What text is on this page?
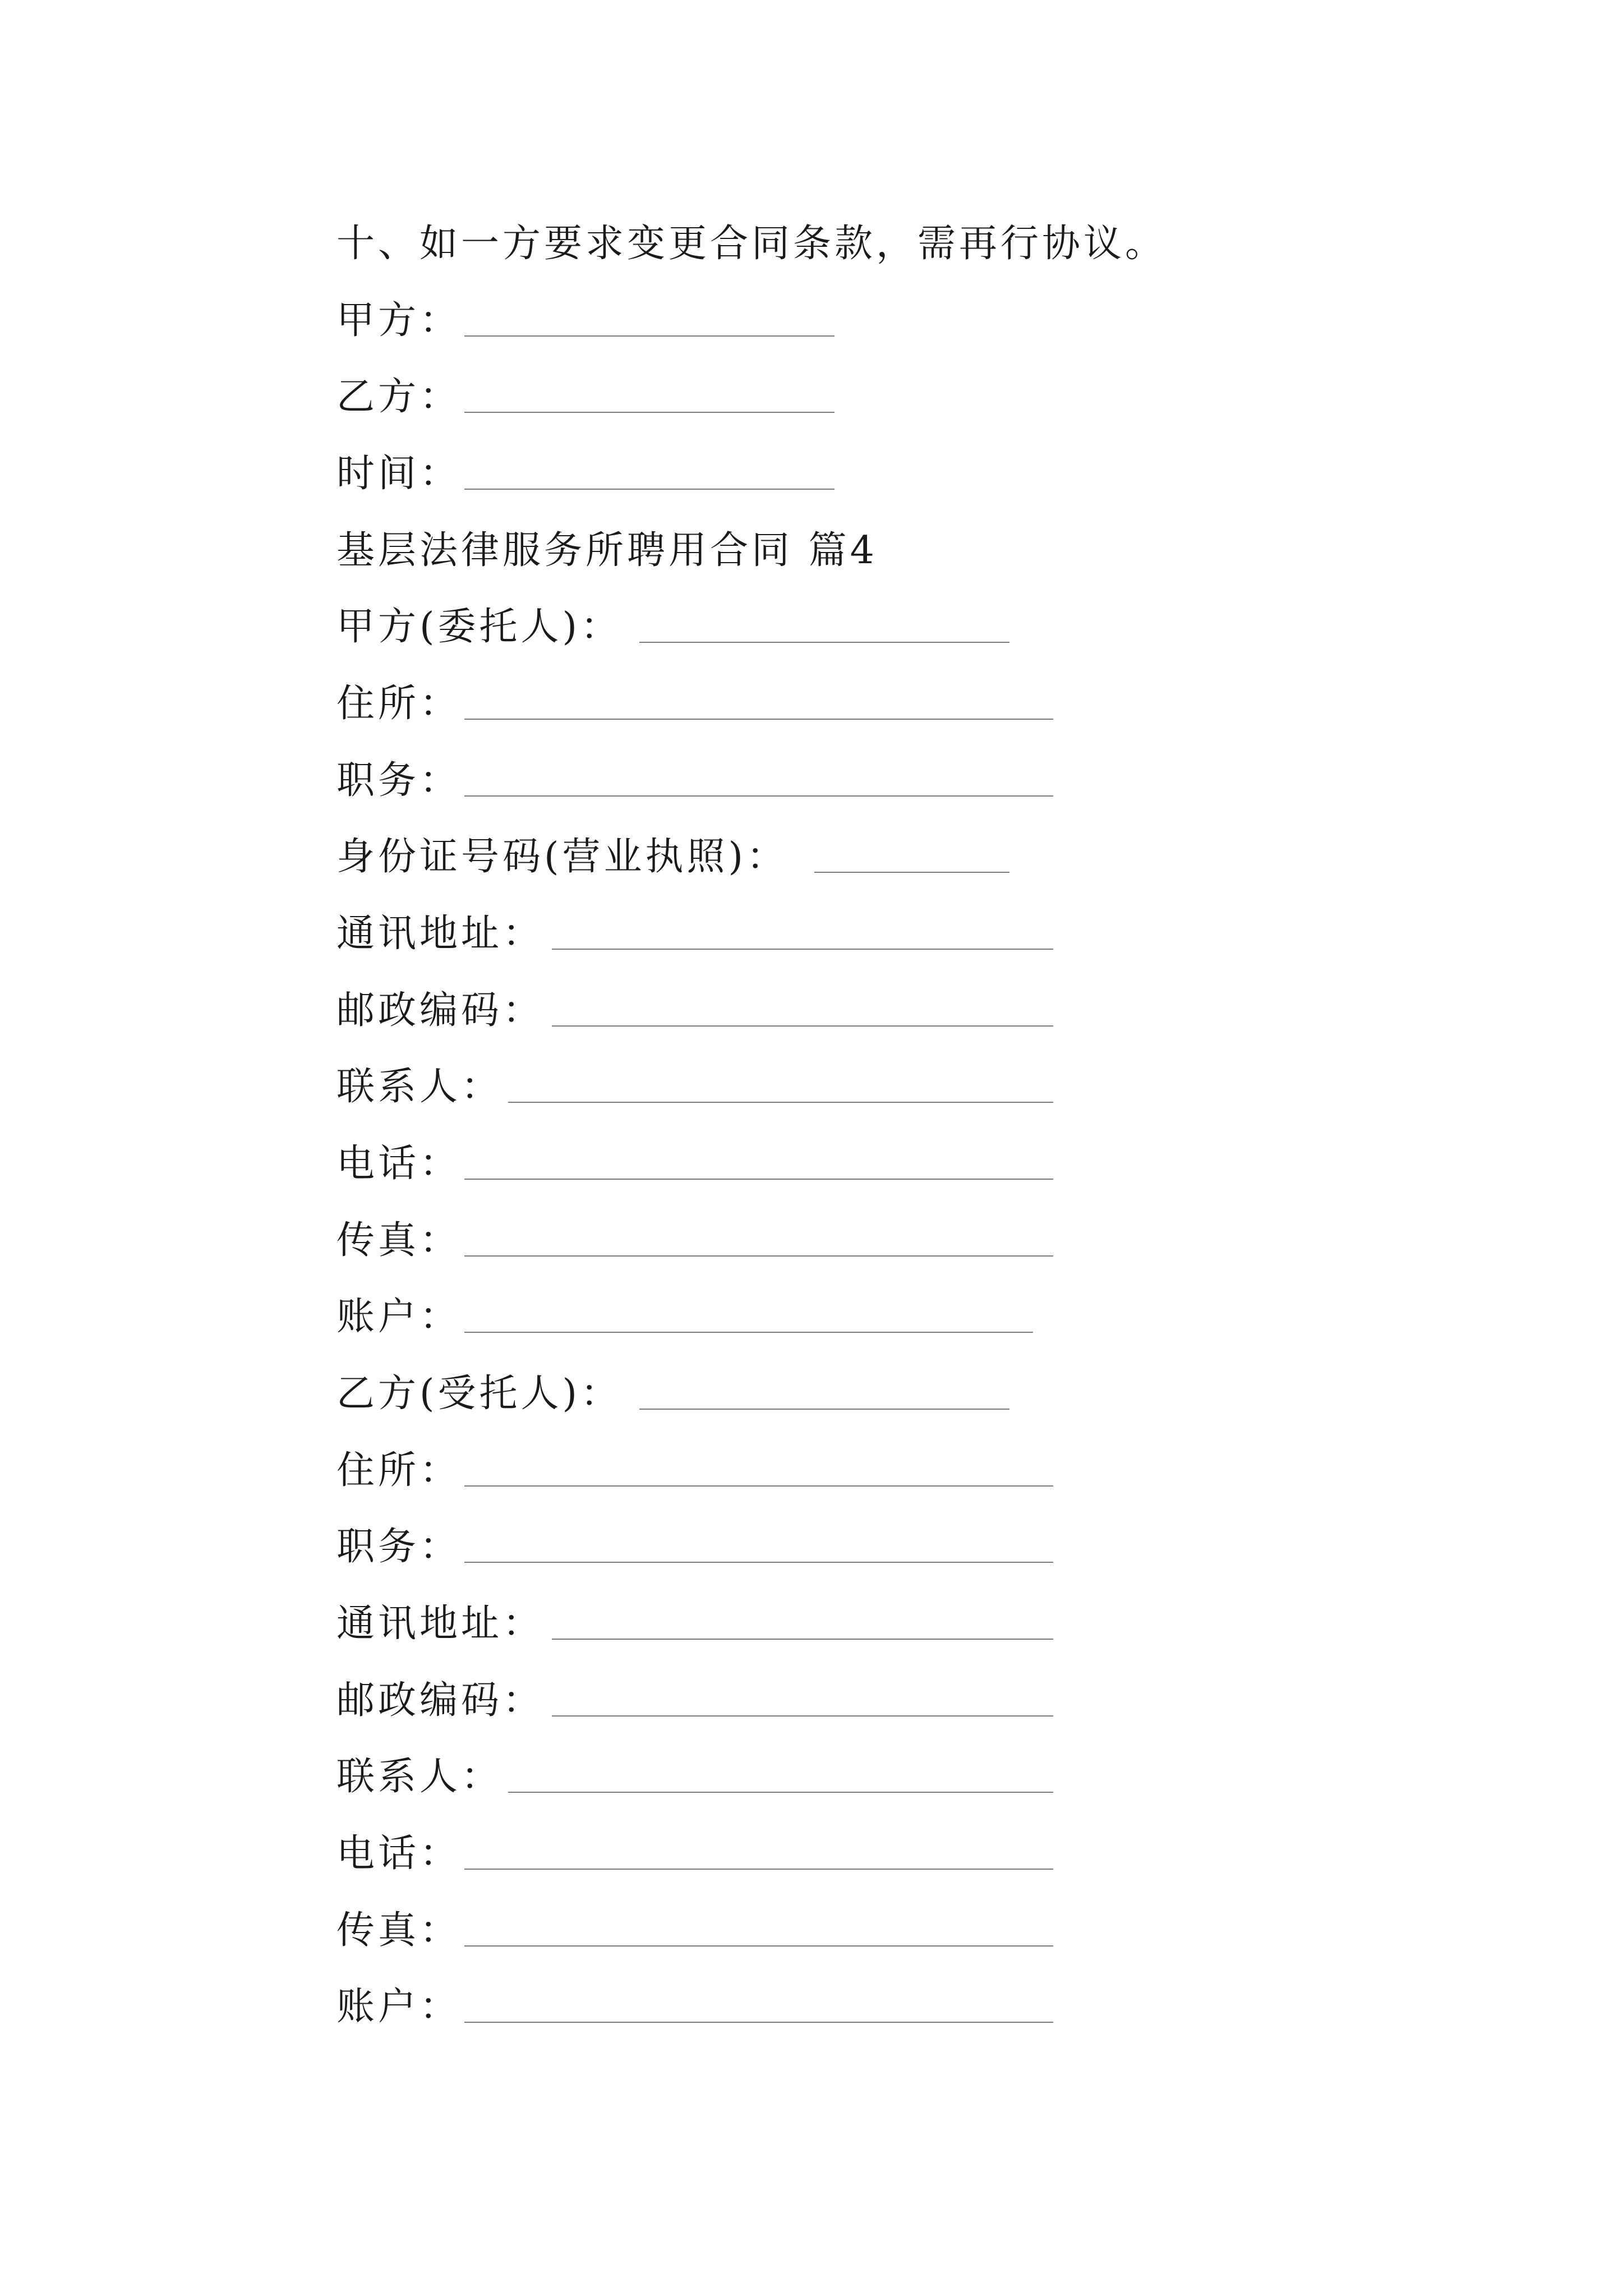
十、如一方要求变更合同条款，需再行协议。
甲方：
乙方：
时间：
基层法律服务所聘用合同 篇4
甲方(委托人)：
住所：
职务：
身份证号码(营业执照)：
通讯地址：
邮政编码：
联系人：
电话：
传真：
账户：
乙方(受托人)：
住所：
职务：
通讯地址：
邮政编码：
联系人：
电话：
传真：
账户：
